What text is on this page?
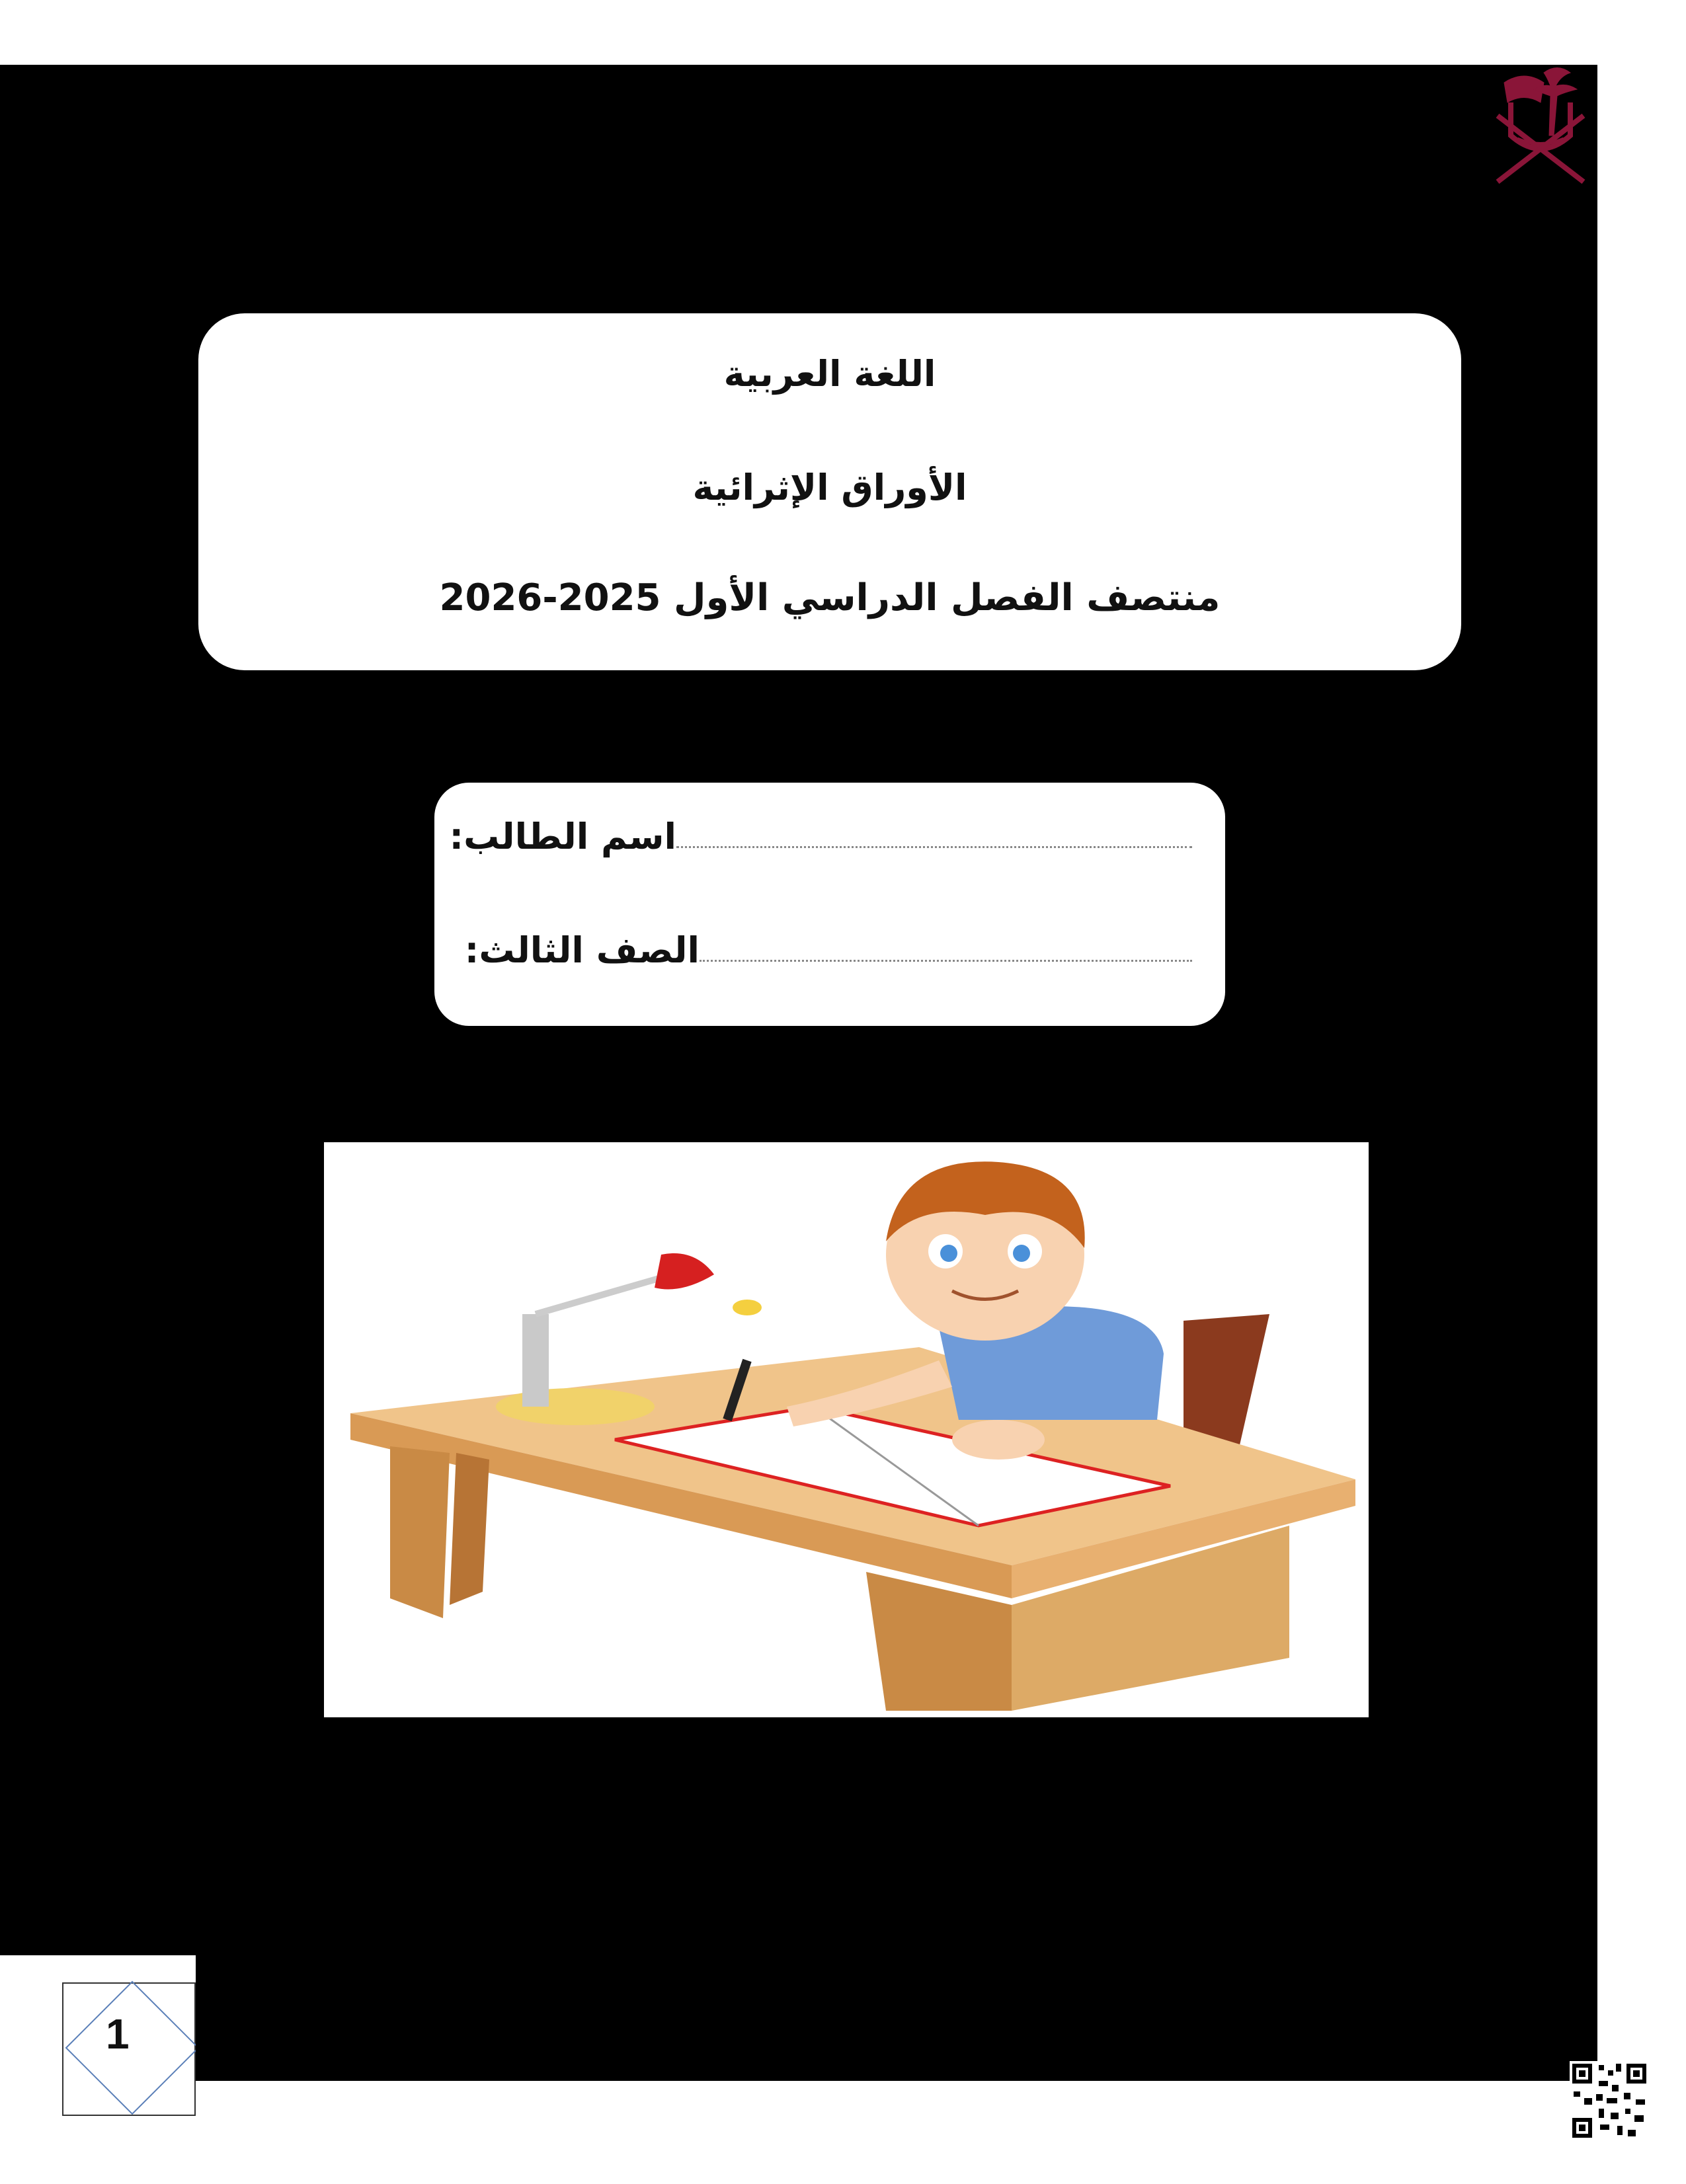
اللغة العربية
الأوراق الإثرائية
منتصف الفصل الدراسي الأول 2025-2026
اسم الطالب:
الصف الثالث:
1
